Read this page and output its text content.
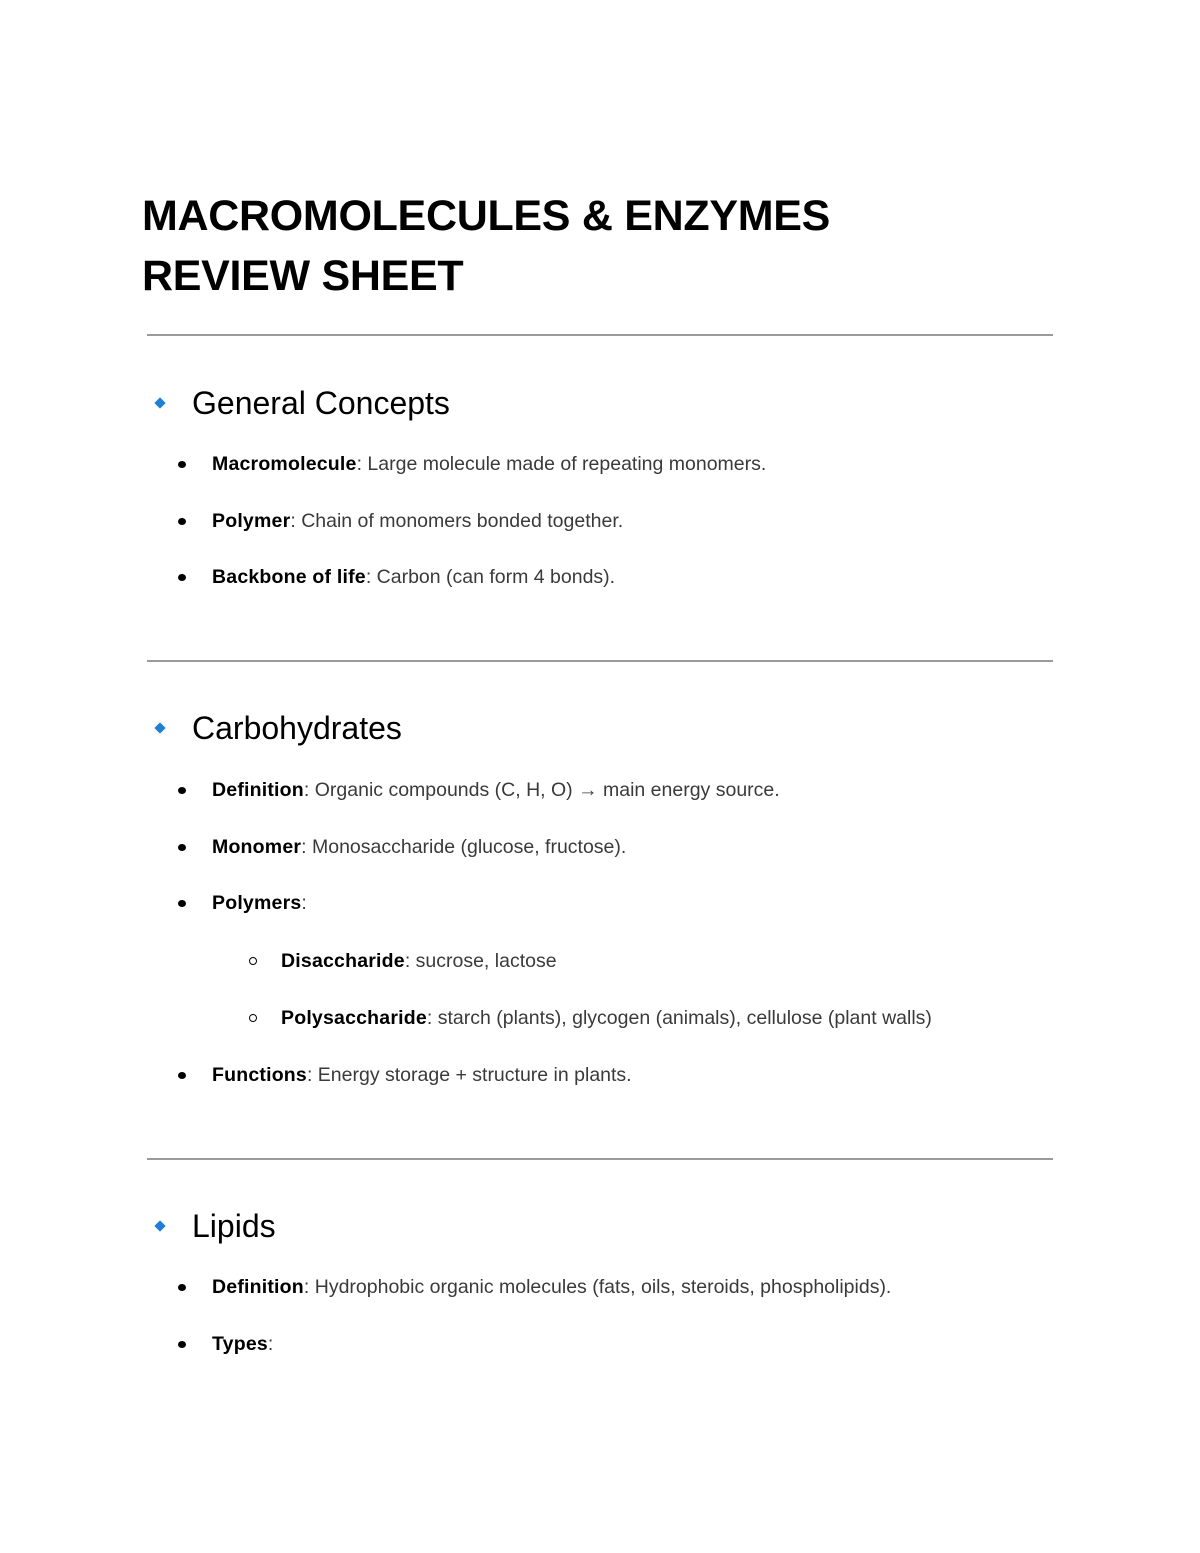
MACROMOLECULES & ENZYMES
REVIEW SHEET
General Concepts
Macromolecule : Large molecule made of repeating monomers.
Polymer : Chain of monomers bonded together.
Backbone of life : Carbon (can form 4 bonds).
Carbohydrates
Definition : Organic compounds (C, H, O) → main energy source.
Monomer : Monosaccharide (glucose, fructose).
Polymers :
Disaccharide : sucrose, lactose
Polysaccharide : starch (plants), glycogen (animals), cellulose (plant walls)
Functions : Energy storage + structure in plants.
Lipids
Definition : Hydrophobic organic molecules (fats, oils, steroids, phospholipids).
Types :
